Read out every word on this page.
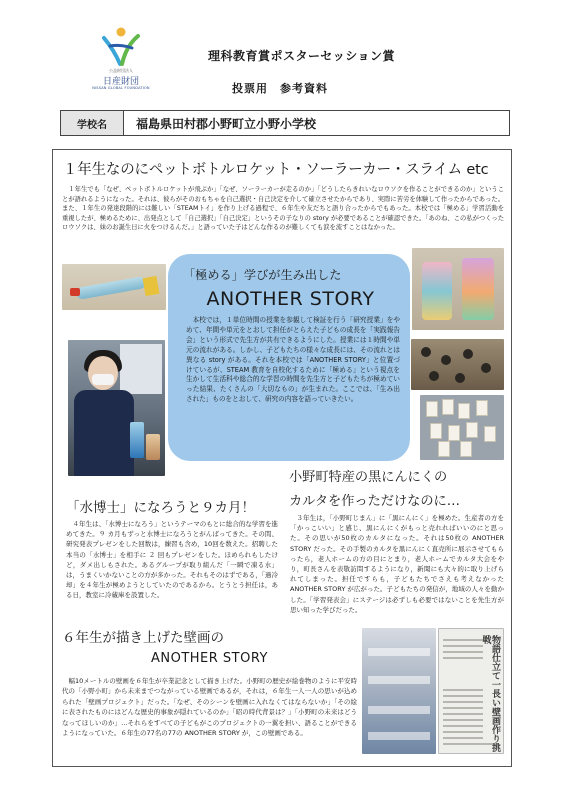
公益財団法人
日産財団
NISSAN GLOBAL FOUNDATION
理科教育賞ポスターセッション賞
投票用　参考資料
学校名	福島県田村郡小野町立小野小学校
１年生なのにペットボトルロケット・ソーラーカー・スライム etc
１年生でも「なぜ、ペットボトルロケットが飛ぶか」「なぜ、ソーラーカーが走るのか」「どうしたらきれいなロウソクを作ることができるのか」ということが語れるようになった。それは、彼らがそのおもちゃを自己選択・自己決定を介して確立させたからであり、実際に苦労を体験して作ったからであった。また、１年生の発達段階的には難しい「STEAMトイ」を作り上げる過程で、６年生や友だちと語り合ったからでもあった。本校では「極める」学習活動を重視したが、極めるために、出発点として「自己選択」「自己決定」というその子なりの story が必要であることが確認できた。「あのね、この私がつくったロウソクは、妹のお誕生日に火をつけるんだ。」と語っていた子はどんな作るのが難しくても涙を流すことはなかった。
物語仕立て一長い壁画作り挑戦
「極める」学びが生み出した
ANOTHER STORY
本校では，１単位時間の授業を参観して検証を行う「研究授業」をやめて、年間や単元をとおして担任がとらえた子どもの成長を「実践報告会」という形式で先生方が共有できるようにした。授業には１時間や単元の流れがある。しかし、子どもたちの様々な成長には、その流れとは異なる story がある。それを本校では「ANOTHER STORY」と位置づけているが、STEAM 教育を自校化するために「極める」という視点を生かして生活科や総合的な学習の時間を先生方と子どもたちが極めていった結果、たくさんの「大切なもの」が生まれた。ここでは、「生み出された」ものをとおして、研究の内容を語っていきたい。
「水博士」になろうと９カ月！
４年生は、「水博士になろう」というテーマのもとに総合的な学習を進めてきた。９ カ月もずっと水博士になろうとがんばってきた。その間、研究発表プレゼンをした回数は，練習も含め，10回を数えた。招聘した本当の「水博士」を相手に ２ 回もプレゼンをした。ほめられもしたけど，ダメ出しもされた。あるグループが取り組んだ「一瞬で凍る水」は，うまくいかないことの方が多かった。それもそのはずである，「過冷却」を４年生が極めようとしていたのであるから。とうとう担任は，ある日，教室に冷蔵庫を設置した。
小野町特産の黒にんにくの
カルタを作っただけなのに…
３年生は，「小野町じまん」に「黒にんにく」を極めた。生産者の方を「かっこいい」と感じ、黒にんにくがもっと売れればいいのにと思った。その思いが50枚のカルタになった。それは50枚の ANOTHER STORY だった。その手製のカルタを黒にんにく直売所に展示させてもらったら，老人ホームの方の目にとまり，老人ホームでカルタ大会をやり，町長さんを表敬訪問するようになり，新聞にも大々的に取り上げられてしまった。担任ですらも，子どもたちでさえも考えなかった ANOTHER STORY が広がった。子どもたちの発信が，地域の人々を動かした。「学習発表会」にステージは必ずしも必要ではないことを先生方が思い知った学びだった。
６年生が描き上げた壁画の
ANOTHER STORY
幅10メートルの壁画を６年生が卒業記念として描き上げた。小野町の歴史が絵巻物のように平安時代の「小野小町」から未来までつながっている壁画であるが，それは，６年生一人一人の思いが込められた「壁画プロジェクト」だった。「なぜ、そのシーンを壁画に入れなくてはならないか」「その絵に表されたものにはどんな歴史的事象が隠れているのか」「昭の時代背景は？」「小野町の未来はどうなってほしいのか」…それらをすべての子どもがこのプロジェクトの一翼を担い、語ることができるようになっていた。６年生の77名の77の ANOTHER STORY が，この壁画である。
